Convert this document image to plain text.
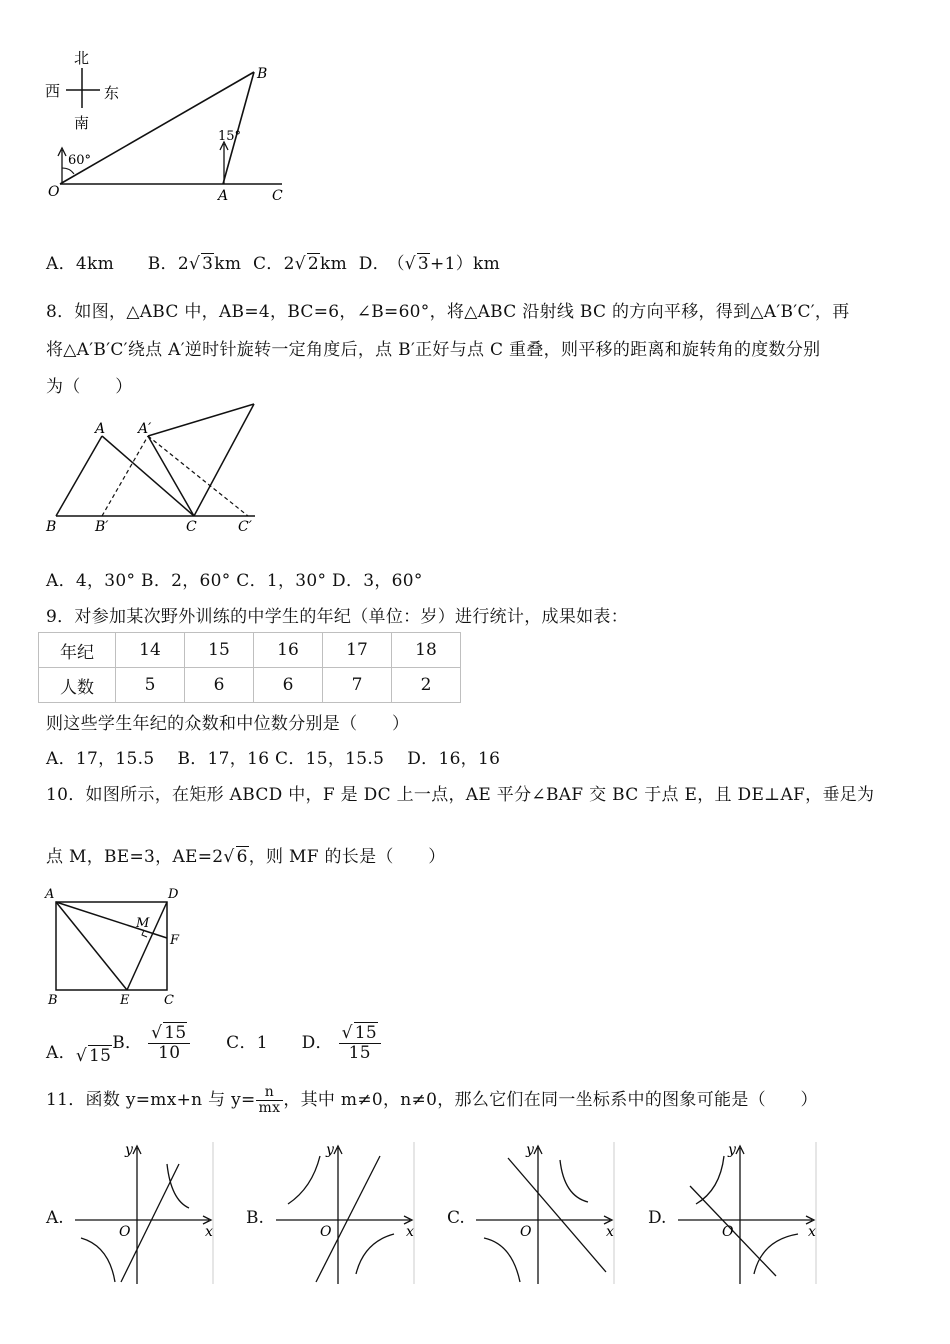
北
西	东
南
60°
15°
O	A
B
C
A．4km B．2√ 3km C．2√ 2km D． （√ 3+1）km
8．如图，△ABC 中，AB=4，BC=6，∠B=60°，将△ABC 沿射线 BC 的方向平移，得到△A′B′C′，再
将△A′B′C′绕点 A′逆时针旋转一定角度后，点 B′正好与点 C 重叠，则平移的距离和旋转角的度数分别
为（　　）
A A′
B	B′	C	C′
A．4，30° B．2，60° C．1，30° D．3，60°
9．对参加某次野外训练的中学生的年纪（单位：岁）进行统计，成果如表：
年纪	14	15	16	17	18
人数	5	6	6	7	2
则这些学生年纪的众数和中位数分别是（　　）
A．17，15.5　 B．17，16 C．15，15.5　 D．16，16
10．如图所示，在矩形 ABCD 中，F 是 DC 上一点，AE 平分∠BAF 交 BC 于点 E，且 DE⊥AF，垂足为
点 M，BE=3，AE=2√ 6，则 MF 的长是（　　）
A	D
M
F
B	E	C
A．√ 15B． $\frac{√ 15}{10}$ C．1 D． $\frac{√ 15}{15}$
11．函数 y=mx+n 与 $y= \frac{n}{mx}$ ，其中 m≠0，n≠0，那么它们在同一坐标系中的图象可能是（　　）
A.
y
x
O
B.
y
x
O
C.
y
x
O
D.
y
x
O
